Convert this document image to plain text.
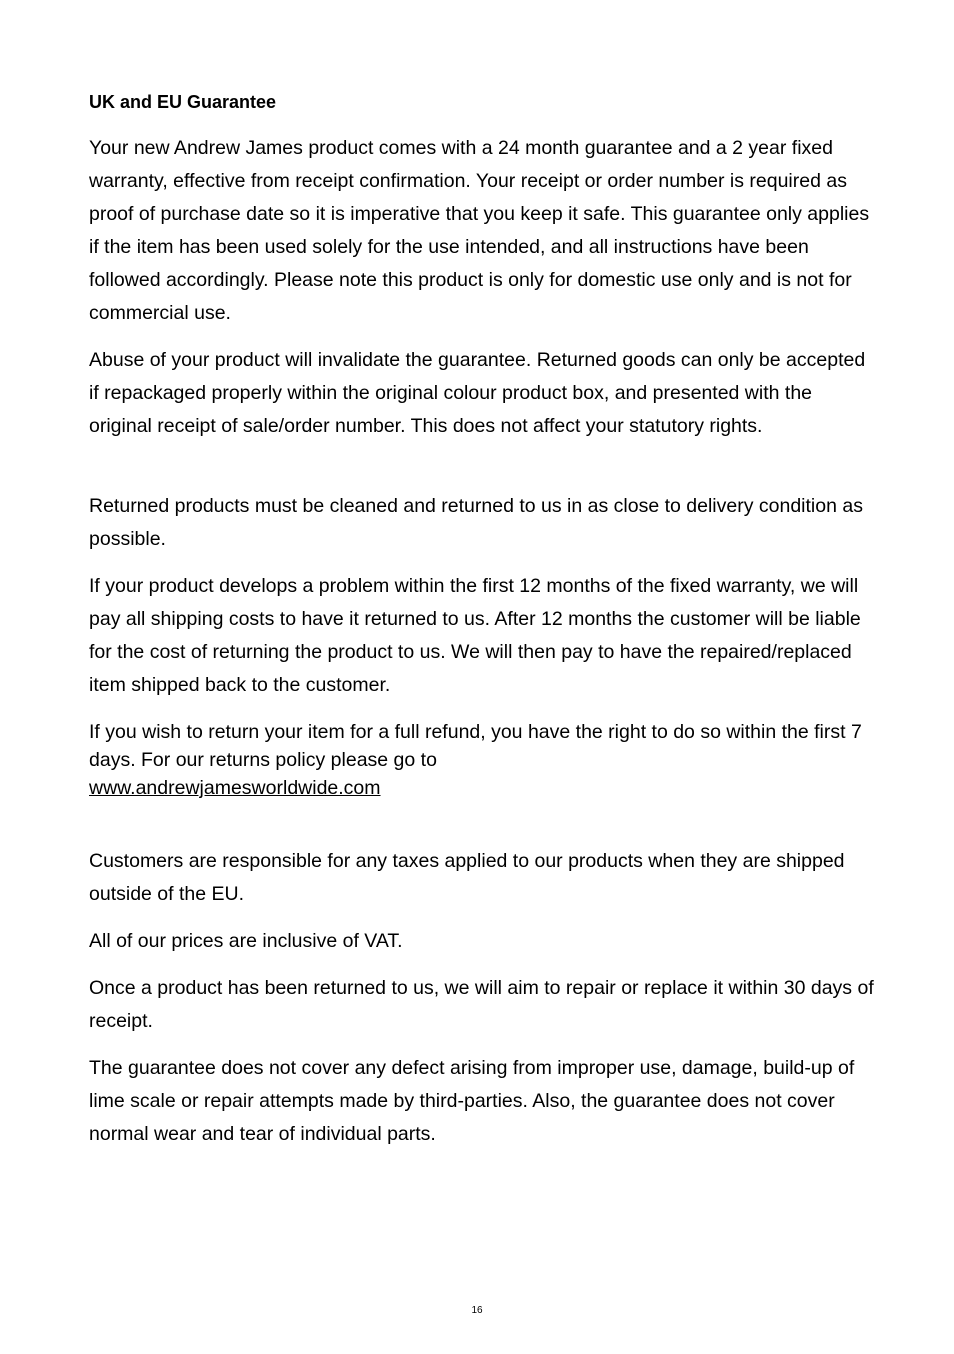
UK and EU Guarantee

Your new Andrew James product comes with a 24 month guarantee and a 2 year fixed warranty, effective from receipt confirmation. Your receipt or order number is required as proof of purchase date so it is imperative that you keep it safe. This guarantee only applies if the item has been used solely for the use intended, and all instructions have been followed accordingly. Please note this product is only for domestic use only and is not for commercial use.

Abuse of your product will invalidate the guarantee. Returned goods can only be accepted if repackaged properly within the original colour product box, and presented with the original receipt of sale/order number. This does not affect your statutory rights.

Returned products must be cleaned and returned to us in as close to delivery condition as possible.

If your product develops a problem within the first 12 months of the fixed warranty, we will pay all shipping costs to have it returned to us. After 12 months the customer will be liable for the cost of returning the product to us. We will then pay to have the repaired/replaced item shipped back to the customer.

If you wish to return your item for a full refund, you have the right to do so within the first 7 days. For our returns policy please go to
www.andrewjamesworldwide.com

Customers are responsible for any taxes applied to our products when they are shipped outside of the EU.

All of our prices are inclusive of VAT.

Once a product has been returned to us, we will aim to repair or replace it within 30 days of receipt.

The guarantee does not cover any defect arising from improper use, damage, build-up of lime scale or repair attempts made by third-parties. Also, the guarantee does not cover normal wear and tear of individual parts.

16
